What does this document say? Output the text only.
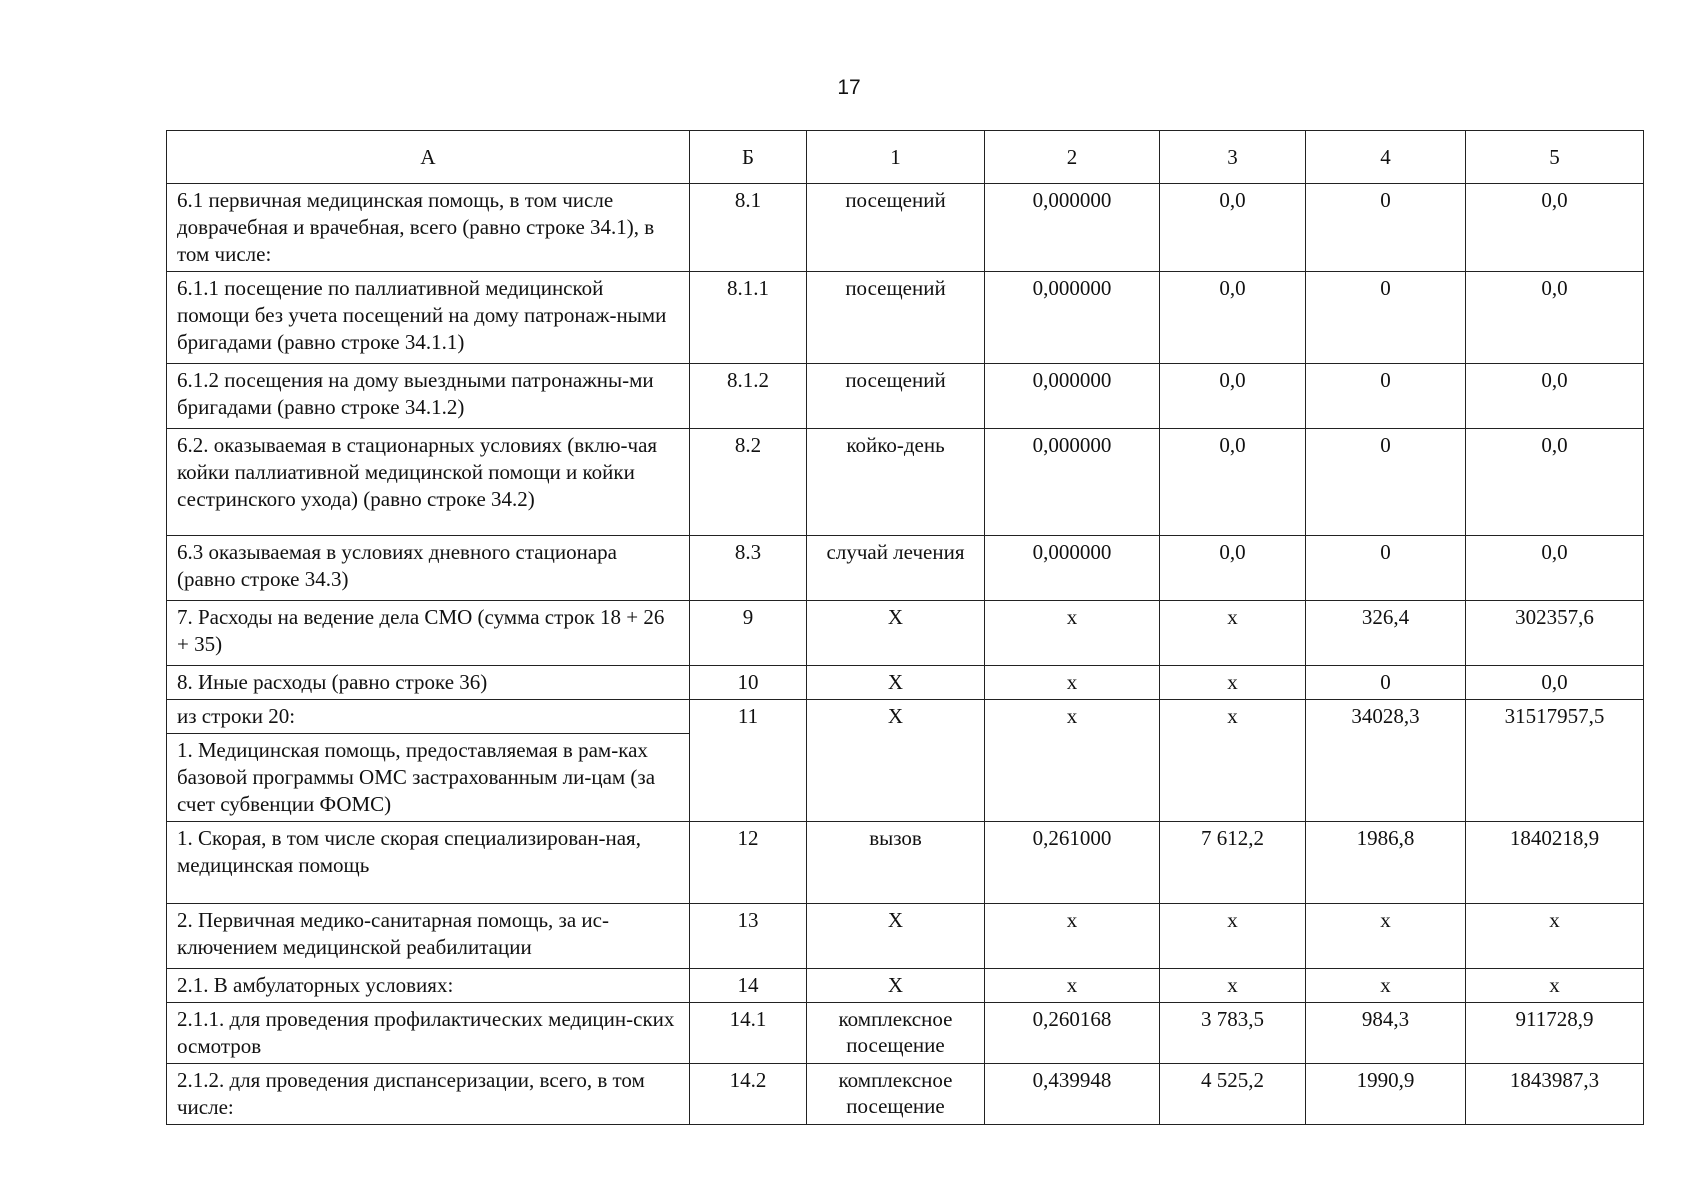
17
А	Б	1	2	3	4	5
6.1 первичная медицинская помощь, в том числе доврачебная и врачебная, всего (равно строке 34.1), в том числе:	8.1	посещений	0,000000	0,0	0	0,0
6.1.1 посещение по паллиативной медицинской помощи без учета посещений на дому патронаж-ными бригадами (равно строке 34.1.1)	8.1.1	посещений	0,000000	0,0	0	0,0
6.1.2 посещения на дому выездными патронажны-ми бригадами (равно строке 34.1.2)	8.1.2	посещений	0,000000	0,0	0	0,0
6.2. оказываемая в стационарных условиях (вклю-чая койки паллиативной медицинской помощи и койки сестринского ухода) (равно строке 34.2)	8.2	койко-день	0,000000	0,0	0	0,0
6.3 оказываемая в условиях дневного стационара (равно строке 34.3)	8.3	случай лечения	0,000000	0,0	0	0,0
7. Расходы на ведение дела СМО (сумма строк 18 + 26 + 35)	9	Х	х	х	326,4	302357,6
8. Иные расходы (равно строке 36)	10	Х	х	х	0	0,0
из строки 20:	11	Х	х	х	34028,3	31517957,5
1. Медицинская помощь, предоставляемая в рам-ках базовой программы ОМС застрахованным ли-цам (за счет субвенции ФОМС)						
1. Скорая, в том числе скорая специализирован-ная, медицинская помощь	12	вызов	0,261000	7 612,2	1986,8	1840218,9
2. Первичная медико-санитарная помощь, за ис-ключением медицинской реабилитации	13	Х	х	х	х	х
2.1. В амбулаторных условиях:	14	Х	х	х	х	х
2.1.1. для проведения профилактических медицин-ских осмотров	14.1	комплексное посещение	0,260168	3 783,5	984,3	911728,9
2.1.2. для проведения диспансеризации, всего, в том числе:	14.2	комплексное посещение	0,439948	4 525,2	1990,9	1843987,3
